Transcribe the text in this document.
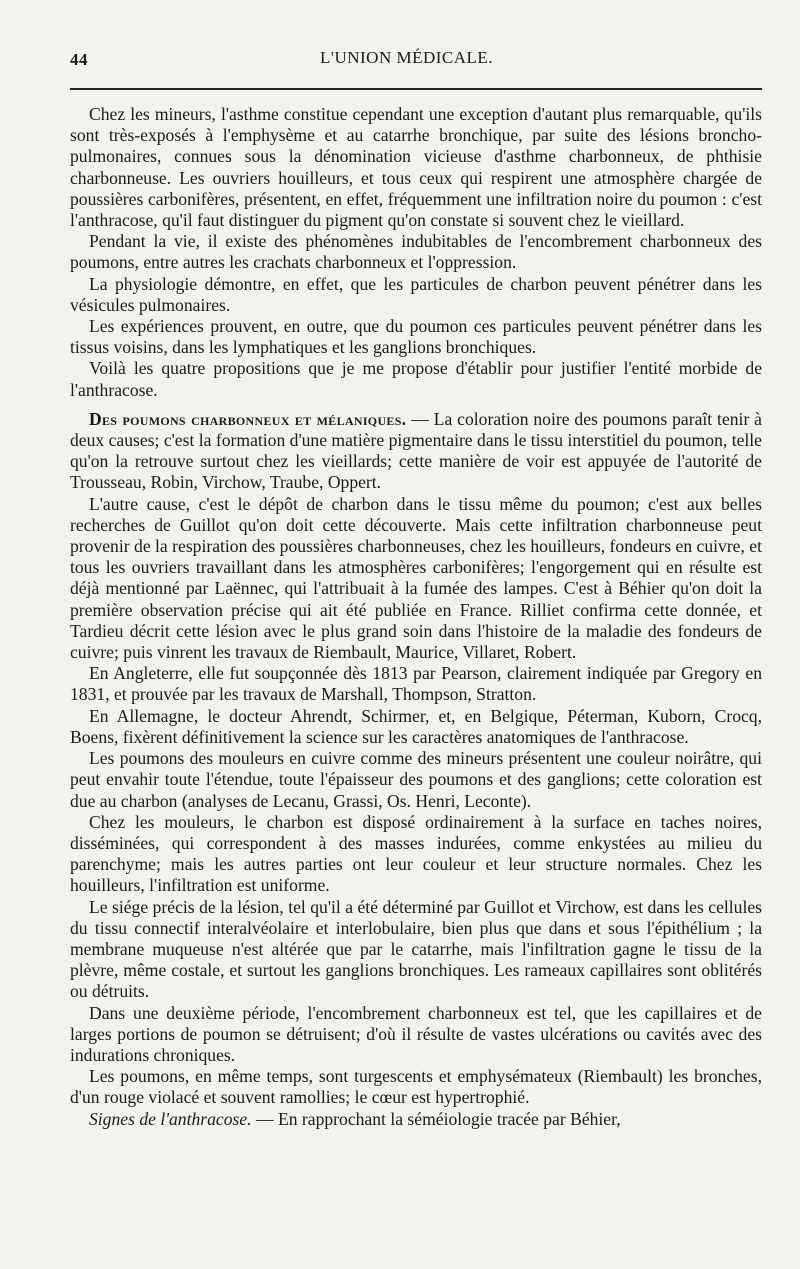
44	L'UNION MÉDICALE.

Chez les mineurs, l'asthme constitue cependant une exception d'autant plus remarquable, qu'ils sont très-exposés à l'emphysème et au catarrhe bronchique, par suite des lésions broncho-pulmonaires, connues sous la dénomination vicieuse d'asthme charbonneux, de phthisie charbonneuse. Les ouvriers houilleurs, et tous ceux qui respirent une atmosphère chargée de poussières carbonifères, présentent, en effet, fréquemment une infiltration noire du poumon : c'est l'anthracose, qu'il faut distinguer du pigment qu'on constate si souvent chez le vieillard.

Pendant la vie, il existe des phénomènes indubitables de l'encombrement charbonneux des poumons, entre autres les crachats charbonneux et l'oppression.

La physiologie démontre, en effet, que les particules de charbon peuvent pénétrer dans les vésicules pulmonaires.

Les expériences prouvent, en outre, que du poumon ces particules peuvent pénétrer dans les tissus voisins, dans les lymphatiques et les ganglions bronchiques.

Voilà les quatre propositions que je me propose d'établir pour justifier l'entité morbide de l'anthracose.

Des poumons charbonneux et mélaniques. — La coloration noire des poumons paraît tenir à deux causes; c'est la formation d'une matière pigmentaire dans le tissu interstitiel du poumon, telle qu'on la retrouve surtout chez les vieillards; cette manière de voir est appuyée de l'autorité de Trousseau, Robin, Virchow, Traube, Oppert.

L'autre cause, c'est le dépôt de charbon dans le tissu même du poumon; c'est aux belles recherches de Guillot qu'on doit cette découverte. Mais cette infiltration charbonneuse peut provenir de la respiration des poussières charbonneuses, chez les houilleurs, fondeurs en cuivre, et tous les ouvriers travaillant dans les atmosphères carbonifères; l'engorgement qui en résulte est déjà mentionné par Laënnec, qui l'attribuait à la fumée des lampes. C'est à Béhier qu'on doit la première observation précise qui ait été publiée en France. Rilliet confirma cette donnée, et Tardieu décrit cette lésion avec le plus grand soin dans l'histoire de la maladie des fondeurs de cuivre; puis vinrent les travaux de Riembault, Maurice, Villaret, Robert.

En Angleterre, elle fut soupçonnée dès 1813 par Pearson, clairement indiquée par Gregory en 1831, et prouvée par les travaux de Marshall, Thompson, Stratton.

En Allemagne, le docteur Ahrendt, Schirmer, et, en Belgique, Péterman, Kuborn, Crocq, Boens, fixèrent définitivement la science sur les caractères anatomiques de l'anthracose.

Les poumons des mouleurs en cuivre comme des mineurs présentent une couleur noirâtre, qui peut envahir toute l'étendue, toute l'épaisseur des poumons et des ganglions; cette coloration est due au charbon (analyses de Lecanu, Grassi, Os. Henri, Leconte).

Chez les mouleurs, le charbon est disposé ordinairement à la surface en taches noires, disséminées, qui correspondent à des masses indurées, comme enkystées au milieu du parenchyme; mais les autres parties ont leur couleur et leur structure normales. Chez les houilleurs, l'infiltration est uniforme.

Le siége précis de la lésion, tel qu'il a été déterminé par Guillot et Virchow, est dans les cellules du tissu connectif interalvéolaire et interlobulaire, bien plus que dans et sous l'épithélium ; la membrane muqueuse n'est altérée que par le catarrhe, mais l'infiltration gagne le tissu de la plèvre, même costale, et surtout les ganglions bronchiques. Les rameaux capillaires sont oblitérés ou détruits.

Dans une deuxième période, l'encombrement charbonneux est tel, que les capillaires et de larges portions de poumon se détruisent; d'où il résulte de vastes ulcérations ou cavités avec des indurations chroniques.

Les poumons, en même temps, sont turgescents et emphysémateux (Riembault) les bronches, d'un rouge violacé et souvent ramollies; le cœur est hypertrophié.

Signes de l'anthracose. — En rapprochant la séméiologie tracée par Béhier,
